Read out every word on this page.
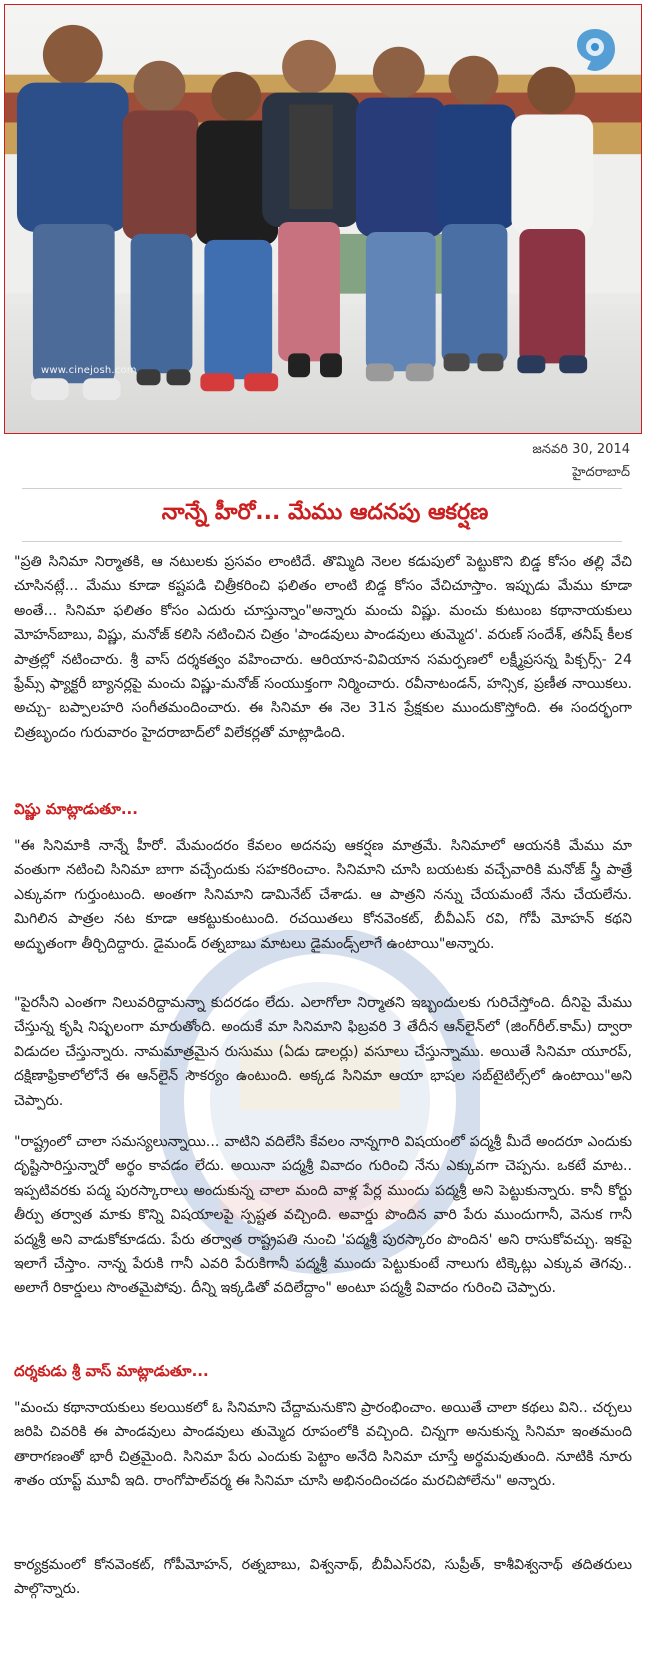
www.cinejosh.com
జనవరి 30, 2014
హైదరాబాద్
నాన్నే హీరో... మేము ఆదనపు ఆకర్షణ

"ప్రతి సినిమా నిర్మాతకి, ఆ నటులకు ప్రసవం లాంటిదే. తొమ్మిది నెలల కడుపులో పెట్టుకొని బిడ్డ కోసం తల్లి వేచి చూసినట్లే... మేము కూడా కష్టపడి చిత్రీకరించి ఫలితం లాంటి బిడ్డ కోసం వేచిచూస్తాం. ఇప్పుడు మేము కూడా అంతే... సినిమా ఫలితం కోసం ఎదురు చూస్తున్నాం"అన్నారు మంచు విష్ణు. మంచు కుటుంబ కథానాయకులు మోహన్‌బాబు, విష్ణు, మనోజ్ కలిసి నటించిన చిత్రం 'పాండవులు పాండవులు తుమ్మెద'. వరుణ్ సందేశ్, తనీష్ కీలక పాత్రల్లో నటించారు. శ్రీ వాస్ దర్శకత్వం వహించారు. ఆరియాన-వివియాన సమర్పణలో లక్ష్మీప్రసన్న పిక్చర్స్- 24 ఫ్రేమ్స్ ఫ్యాక్టరీ బ్యానర్లపై మంచు విష్ణు-మనోజ్ సంయుక్తంగా నిర్మించారు. రవీనాటండన్, హన్సిక, ప్రణీత నాయికలు. అచ్చు- బప్పాలహరి సంగీతమందించారు. ఈ సినిమా ఈ నెల 31న ప్రేక్షకుల ముందుకొస్తోంది. ఈ సందర్భంగా చిత్రబృందం గురువారం హైదరాబాద్‌లో విలేకర్లతో మాట్లాడింది.

విష్ణు మాట్లాడుతూ...

"ఈ సినిమాకి నాన్నే హీరో. మేమందరం కేవలం అదనపు ఆకర్షణ మాత్రమే. సినిమాలో ఆయనకి మేము మా వంతుగా నటించి సినిమా బాగా వచ్చేందుకు సహకరించాం. సినిమాని చూసి బయటకు వచ్చేవారికి మనోజ్ స్త్రీ పాత్రే ఎక్కువగా గుర్తుంటుంది. అంతగా సినిమాని డామినేట్ చేశాడు. ఆ పాత్రని నన్ను చేయమంటే నేను చేయలేను. మిగిలిన పాత్రల నట కూడా ఆకట్టుకుంటుంది. రచయితలు కోనవెంకట్, బీవీఎస్ రవి, గోపీ మోహన్ కథని అద్భుతంగా తీర్చిదిద్దారు. డైమండ్ రత్నబాబు మాటలు డైమండ్స్‌లాగే ఉంటాయి"అన్నారు.

"పైరసీని ఎంతగా నిలువరిద్దామన్నా కుదరడం లేదు. ఎలాగోలా నిర్మాతని ఇబ్బందులకు గురిచేస్తోంది. దీనిపై మేము చేస్తున్న కృషి నిష్ఫలంగా మారుతోంది. అందుకే మా సినిమాని ఫిబ్రవరి 3 తేదీన ఆన్‌లైన్‌లో (జింగ్‌రీల్.కామ్) ద్వారా విడుదల చేస్తున్నారు. నామమాత్రమైన రుసుము (ఏడు డాలర్లు) వసూలు చేస్తున్నాము. అయితే సినిమా యూరప్, దక్షిణాఫ్రికాలోలోనే ఈ ఆన్‌లైన్ సౌకర్యం ఉంటుంది. అక్కడ సినిమా ఆయా భాషల సబ్‌టైటిల్స్‌లో ఉంటాయి"అని చెప్పారు.

"రాష్ట్రంలో చాలా సమస్యలున్నాయి... వాటిని వదిలేసి కేవలం నాన్నగారి విషయంలో పద్మశ్రీ మీదే అందరూ ఎందుకు దృష్టిసారిస్తున్నారో అర్థం కావడం లేదు. అయినా పద్మశ్రీ వివాదం గురించి నేను ఎక్కువగా చెప్పను. ఒకటే మాట.. ఇప్పటివరకు పద్మ పురస్కారాలు అందుకున్న చాలా మంది వాళ్ల పేర్ల ముందు పద్మశ్రీ అని పెట్టుకున్నారు. కానీ కోర్టు తీర్పు తర్వాత మాకు కొన్ని విషయాలపై స్పష్టత వచ్చింది. అవార్డు పొందిన వారి పేరు ముందుగానీ, వెనుక గానీ పద్మశ్రీ అని వాడుకోకూడదు. పేరు తర్వాత రాష్ట్రపతి నుంచి 'పద్మశ్రీ పురస్కారం పొందిన' అని రాసుకోవచ్చు. ఇకపై ఇలాగే చేస్తాం. నాన్న పేరుకి గానీ ఎవరి పేరుకిగానీ పద్మశ్రీ ముందు పెట్టుకుంటే నాలుగు టిక్కెట్లు ఎక్కువ తెగవు.. అలాగే రికార్డులు సొంతమైపోవు. దీన్ని ఇక్కడితో వదిలేద్దాం" అంటూ పద్మశ్రీ వివాదం గురించి చెప్పారు.

దర్శకుడు శ్రీ వాస్ మాట్లాడుతూ...

"మంచు కథానాయకులు కలయికలో ఓ సినిమాని చేద్దామనుకొని ప్రారంభించాం. అయితే చాలా కథలు విని.. చర్చలు జరిపి చివరికి ఈ పాండవులు పాండవులు తుమ్మెద రూపంలోకి వచ్చింది. చిన్నగా అనుకున్న సినిమా ఇంతమంది తారాగణంతో భారీ చిత్రమైంది. సినిమా పేరు ఎందుకు పెట్టాం అనేది సినిమా చూస్తే అర్థమవుతుంది. నూటికి నూరు శాతం యాప్ట్ మూవీ ఇది. రాంగోపాల్‌వర్మ ఈ సినిమా చూసి అభినందించడం మరచిపోలేను" అన్నారు.

కార్యక్రమంలో కోనవెంకట్, గోపీమోహన్, రత్నబాబు, విశ్వనాథ్, బీవీఎస్‌రవి, సుప్రీత్, కాశీవిశ్వనాథ్ తదితరులు పాల్గొన్నారు.
